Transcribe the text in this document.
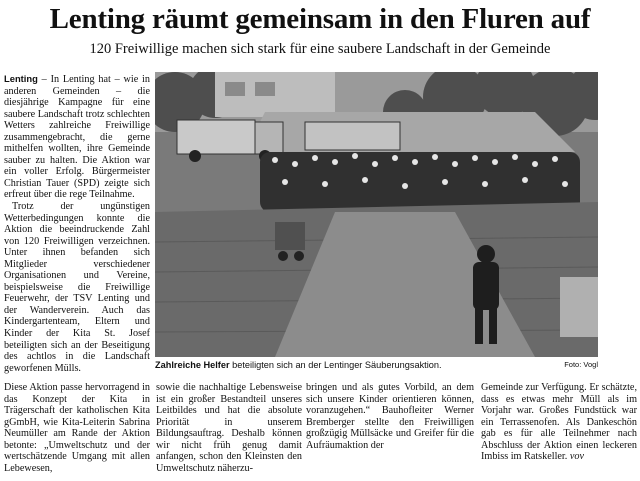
Lenting räumt gemeinsam in den Fluren auf
120 Freiwillige machen sich stark für eine saubere Landschaft in der Gemeinde

Lenting – In Lenting hat – wie in anderen Gemeinden – die diesjährige Kampagne für eine saubere Landschaft trotz schlechten Wetters zahlreiche Freiwillige zusammengebracht, die gerne mithelfen wollten, ihre Gemeinde sauber zu halten. Die Aktion war ein voller Erfolg. Bürgermeister Christian Tauer (SPD) zeigte sich erfreut über die rege Teilnahme.

Trotz der ungünstigen Wetterbedingungen konnte die Aktion die beeindruckende Zahl von 120 Freiwilligen verzeichnen. Unter ihnen befanden sich Mitglieder verschiedener Organisationen und Vereine, beispielsweise die Freiwillige Feuerwehr, der TSV Lenting und der Wanderverein. Auch das Kindergartenteam, Eltern und Kinder der Kita St. Josef beteiligten sich an der Beseitigung des achtlos in die Landschaft geworfenen Mülls.

Diese Aktion passe hervorragend in das Konzept der Kita in Trägerschaft der katholischen Kita gGmbH, wie Kita-Leiterin Sabrina Neumüller am Rande der Aktion betonte: „Umweltschutz und der wertschätzende Umgang mit allen Lebewesen,

sowie die nachhaltige Lebensweise ist ein großer Bestandteil unseres Leitbildes und hat die absolute Priorität in unserem Bildungsauftrag. Deshalb können wir nicht früh genug damit anfangen, schon den Kleinsten den Umweltschutz näherzu-

bringen und als gutes Vorbild, an dem sich unsere Kinder orientieren können, voranzugehen.“ Bauhofleiter Werner Bremberger stellte den Freiwilligen großzügig Müllsäcke und Greifer für die Aufräumaktion der

Gemeinde zur Verfügung. Er schätzte, dass es etwas mehr Müll als im Vorjahr war. Großes Fundstück war ein Terrassenofen. Als Dankeschön gab es für alle Teilnehmer nach Abschluss der Aktion einen leckeren Imbiss im Ratskeller. vov

Zahlreiche Helfer beteiligten sich an der Lentinger Säuberungsaktion.	Foto: Vogl
